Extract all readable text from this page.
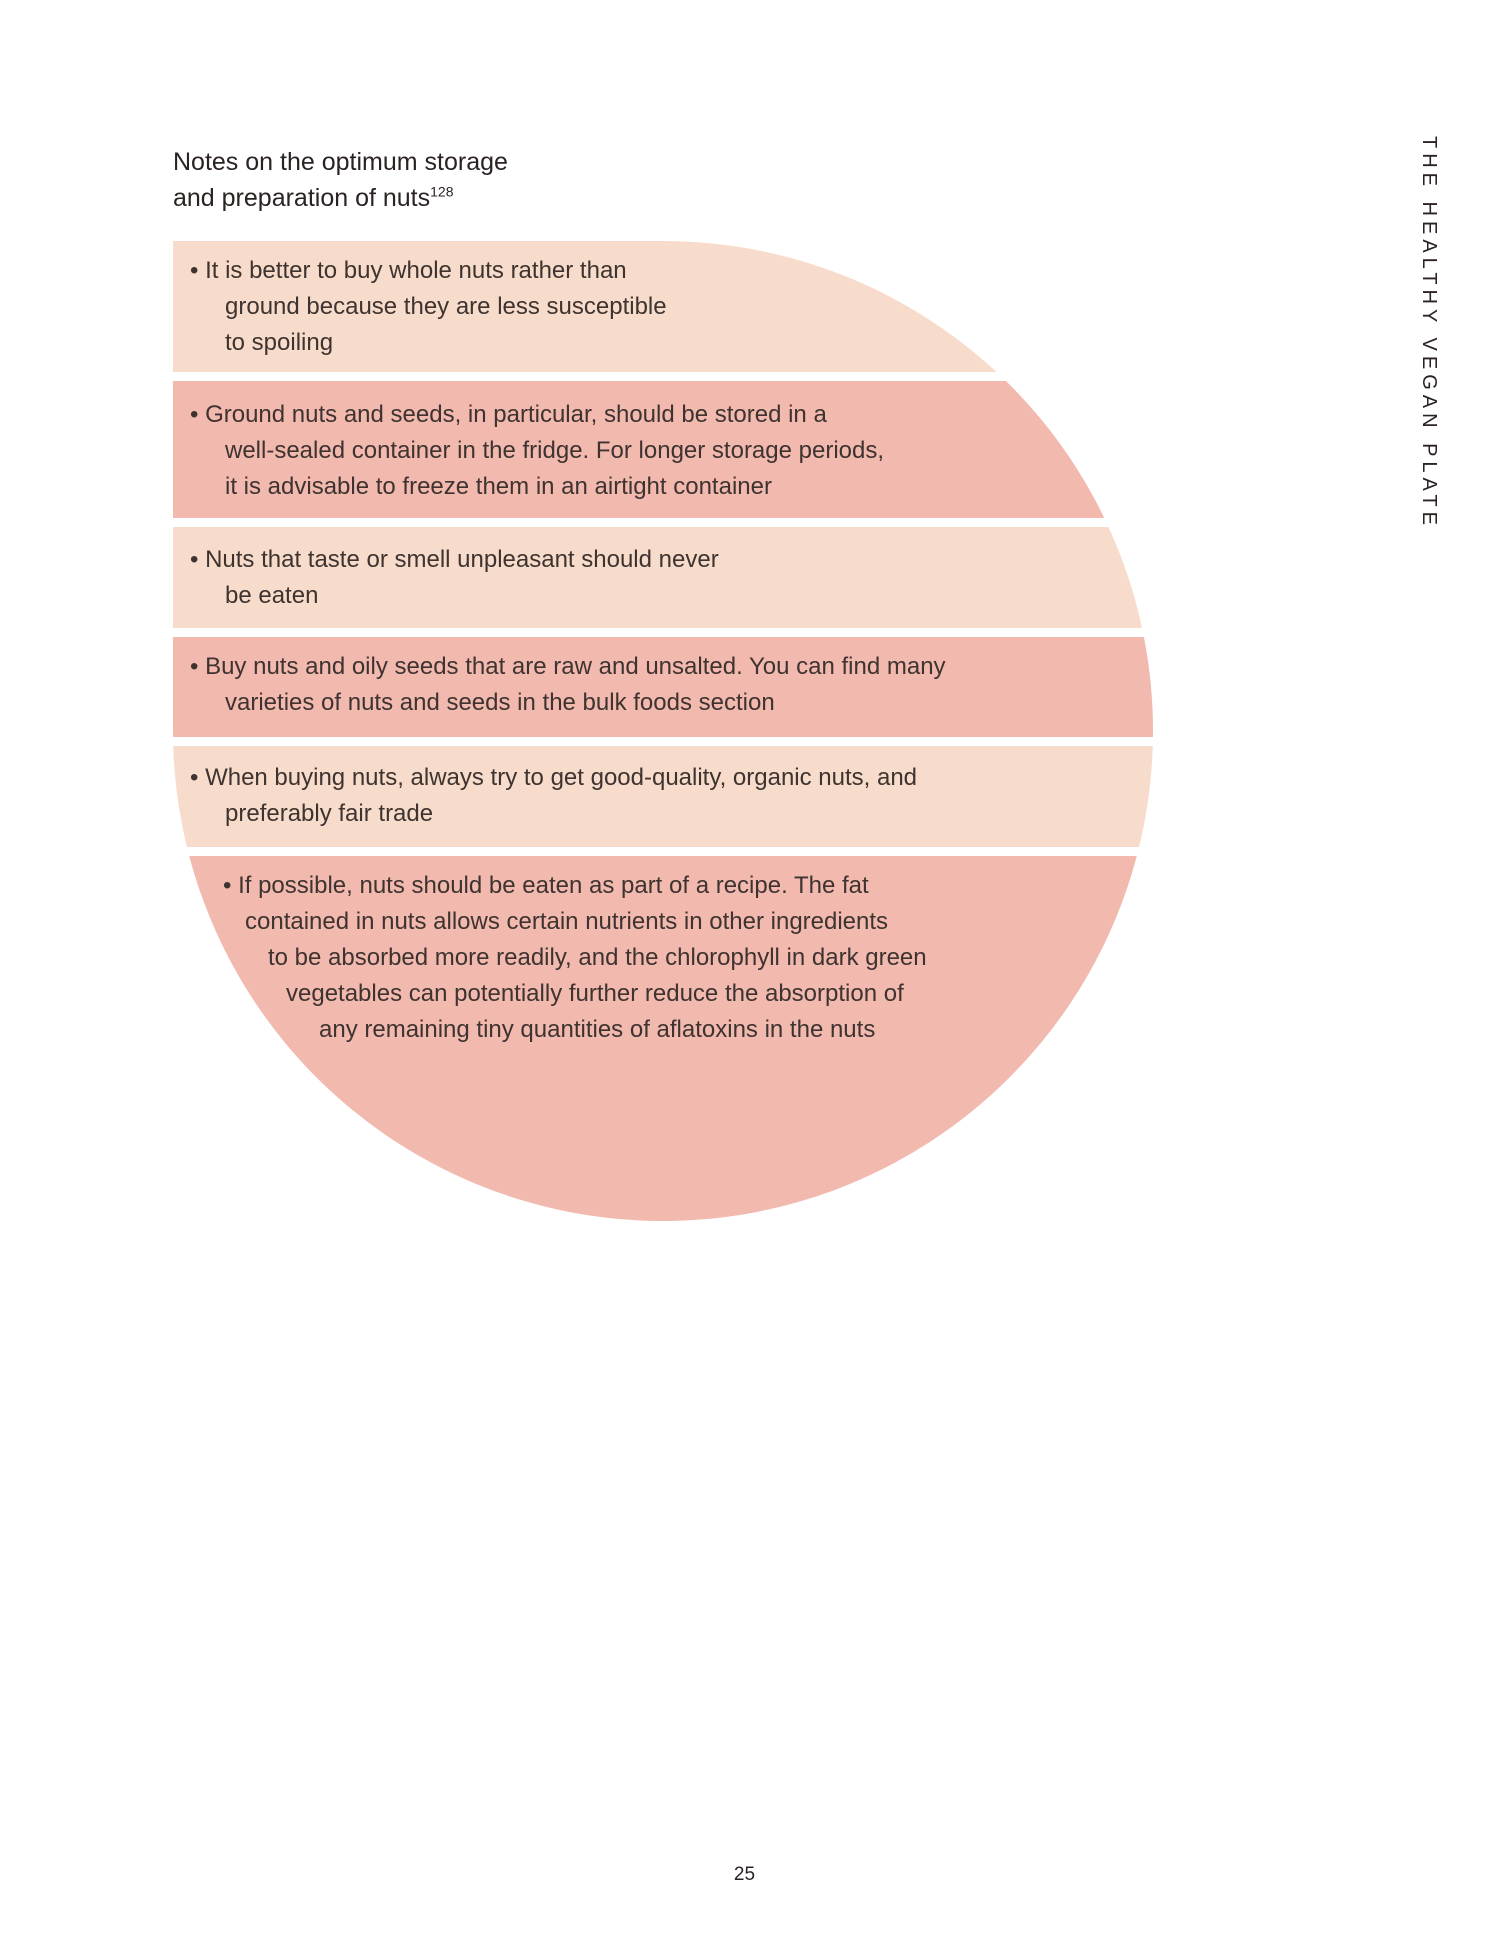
Notes on the optimum storage
and preparation of nuts$^{128}$	THE HEALTHY VEGAN PLATE
• It is better to buy whole nuts rather than
ground because they are less susceptible
to spoiling
• Ground nuts and seeds, in particular, should be stored in a
well-sealed container in the fridge. For longer storage periods,
it is advisable to freeze them in an airtight container
• Nuts that taste or smell unpleasant should never
be eaten
• Buy nuts and oily seeds that are raw and unsalted. You can find many
varieties of nuts and seeds in the bulk foods section
• When buying nuts, always try to get good-quality, organic nuts, and
preferably fair trade
• If possible, nuts should be eaten as part of a recipe. The fat
contained in nuts allows certain nutrients in other ingredients
to be absorbed more readily, and the chlorophyll in dark green
vegetables can potentially further reduce the absorption of
any remaining tiny quantities of aflatoxins in the nuts
25
